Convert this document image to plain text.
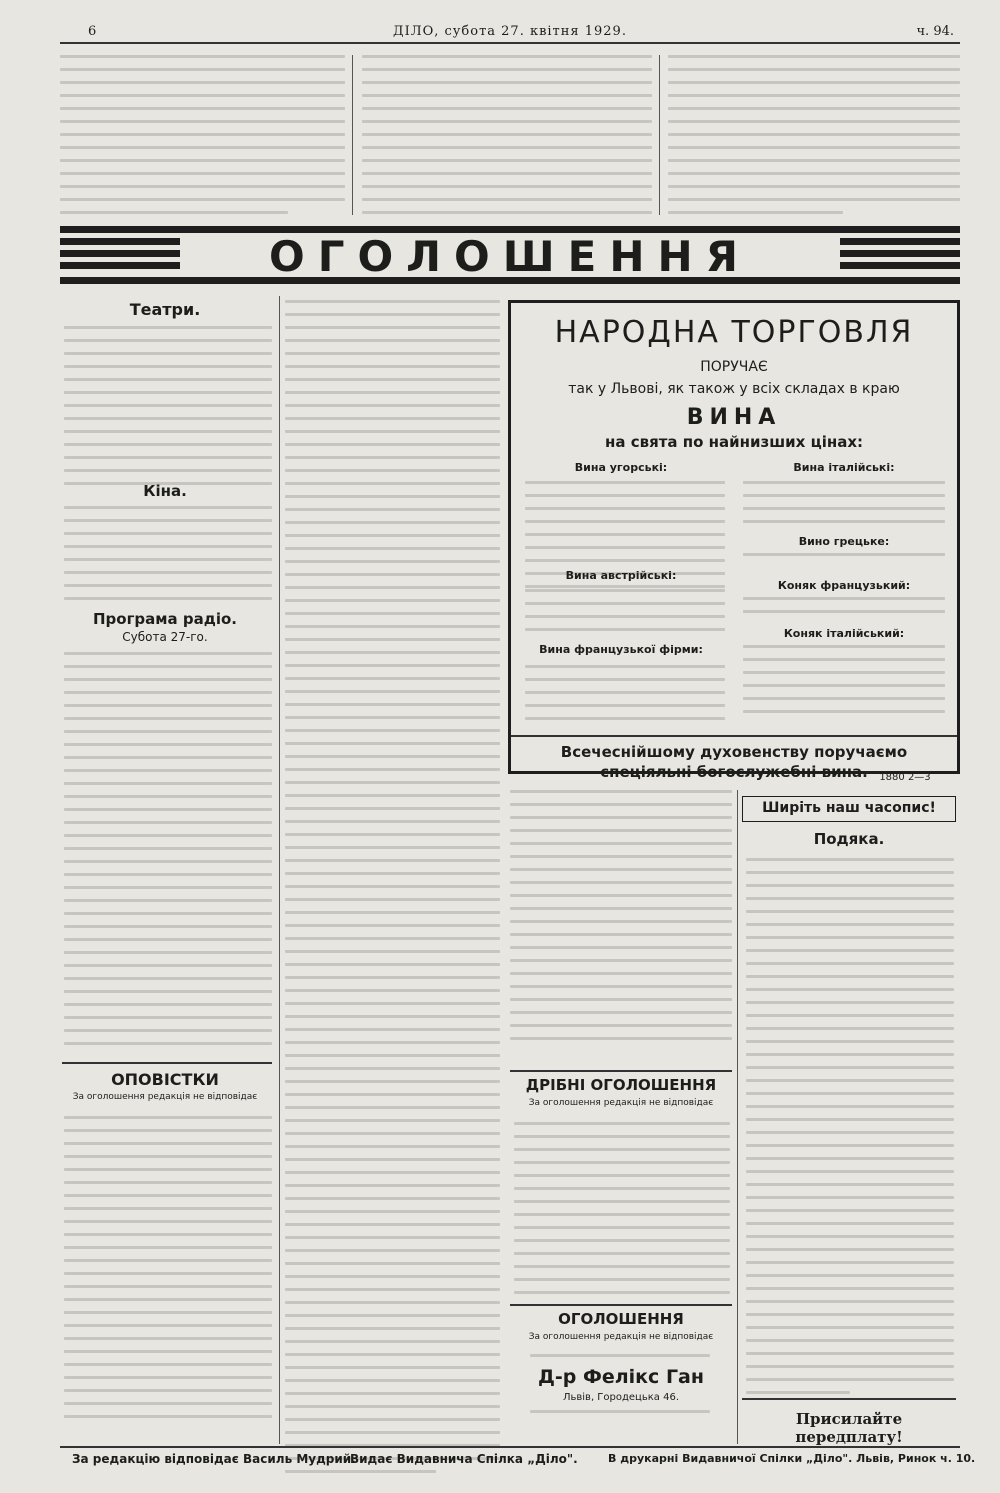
6	ДІЛО, субота 27. квітня 1929.	ч. 94.
ОГОЛОШЕННЯ
Театри.
Кіна.
Програма радіо.
Субота 27-го.
ОПОВІСТКИ
За оголошення редакція не відповідає
НАРОДНА ТОРГОВЛЯ
ПОРУЧАЄ
так у Львові, як також у всіх складах в краю
ВИНА
на свята по найнизших цінах:
Вина угорські:	Вина італійські:
Вино грецьке:
Коняк французький:
Коняк італійський:
Вина австрійські:
Вина французької фірми:
Всечеснійшому духовенству поручаємо
спеціяльні богослужебні вина.	1880 2—3
ДРІБНІ ОГОЛОШЕННЯ
За оголошення редакція не відповідає
ОГОЛОШЕННЯ
За оголошення редакція не відповідає
Д-р Фелікс Ган
Львів, Городецька 46.
Ширіть наш часопис!
Подяка.
Присилайте передплату!
За редакцію відповідає Василь Мудрий.
Видає Видавнича Спілка „Діло".	В друкарні Видавничої Спілки „Діло". Львів, Ринок ч. 10.
